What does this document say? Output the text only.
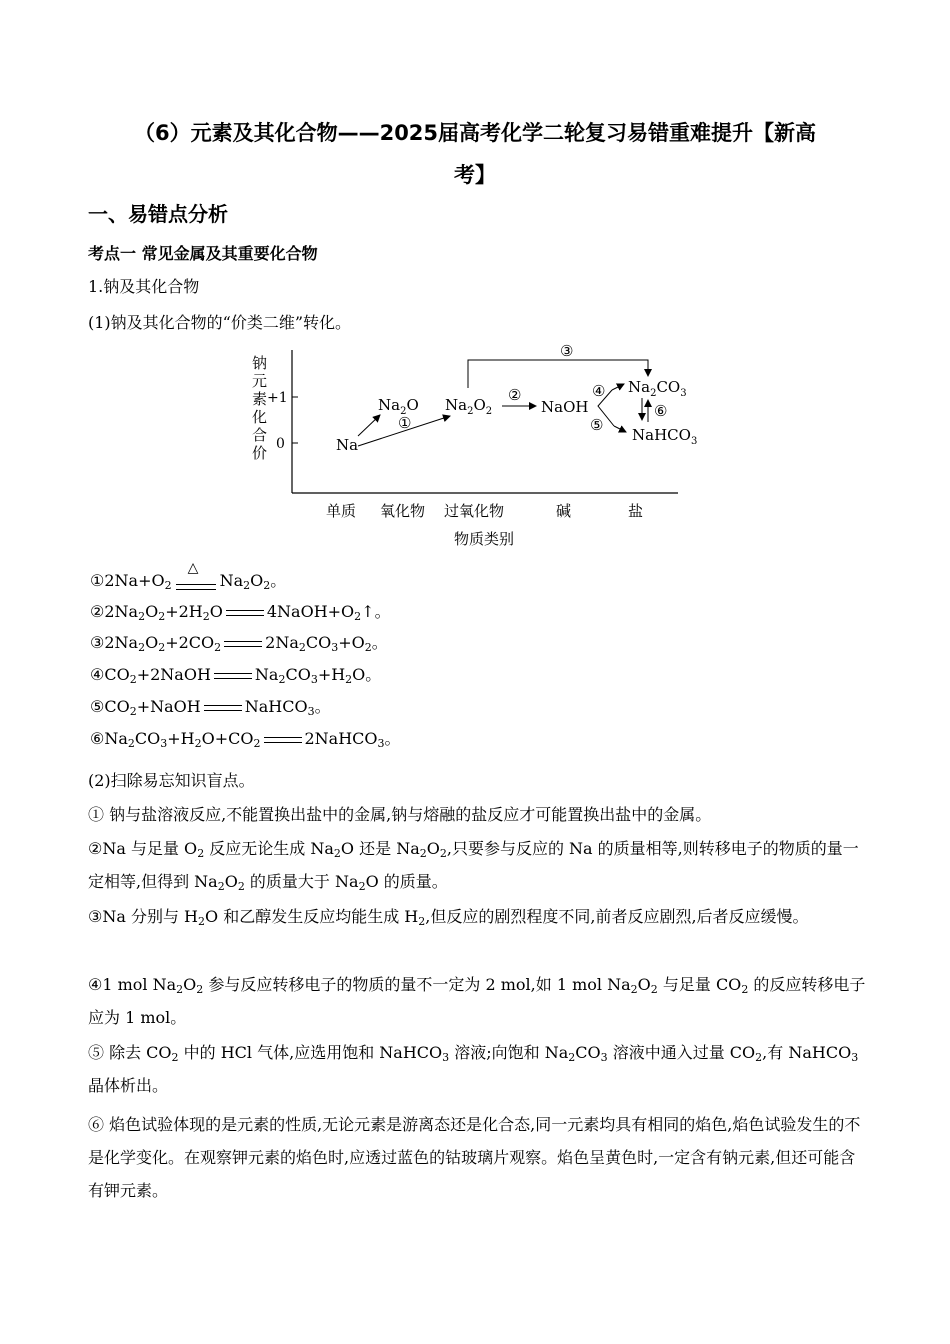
（6）元素及其化合物——2025届高考化学二轮复习易错重难提升【新高
考】
一、易错点分析
考点一 常见金属及其重要化合物
1.钠及其化合物
(1)钠及其化合物的“价类二维”转化。
钠元素化合价
+1
0
单质 氧化物 过氧化物	碱	盐
物质类别
Na
$Na_2O$ $Na_2O_2$	NaOH
$Na_2CO_3$
NaHCO$_3$
①
②
③
④
⑤
⑥
$①2Na+O_2$
△
$Na_2O_2$。
$②2Na_2O_2+2H_2O$	$4NaOH+O_2↑$。
$③2Na_2O_2+2CO_2$	$2Na_2CO_3+O_2$。
$④CO_2+2NaOH$	$Na_2CO_3+H_2O$。
$⑤CO_2+NaOH$	NaHCO$_3$。
$⑥Na_2CO_3+H_2O+CO_2$	2NaHCO$_3$。
(2)扫除易忘知识盲点。
① 钠与盐溶液反应,不能置换出盐中的金属,钠与熔融的盐反应才可能置换出盐中的金属。
②Na 与足量 $O_2$ 反应无论生成 $Na_2O$ 还是 $Na_2O_2$,只要参与反应的 Na 的质量相等,则转移电子的物质的量一定相等,但得到 $Na_2O_2$ 的质量大于 $Na_2O$ 的质量。
③Na 分别与 $H_2O$ 和乙醇发生反应均能生成 $H_2$,但反应的剧烈程度不同,前者反应剧烈,后者反应缓慢。
④1 mol $Na_2O_2$ 参与反应转移电子的物质的量不一定为 2 mol,如 1 mol $Na_2O_2$ 与足量 $CO_2$ 的反应转移电子应为 1 mol。
⑤ 除去 $CO_2$ 中的 HCl 气体,应选用饱和 NaHCO$_3$ 溶液;向饱和 $Na_2CO_3$ 溶液中通入过量 $CO_2$,有 NaHCO$_3$ 晶体析出。
⑥ 焰色试验体现的是元素的性质,无论元素是游离态还是化合态,同一元素均具有相同的焰色,焰色试验发生的不是化学变化。在观察钾元素的焰色时,应透过蓝色的钴玻璃片观察。焰色呈黄色时,一定含有钠元素,但还可能含有钾元素。
